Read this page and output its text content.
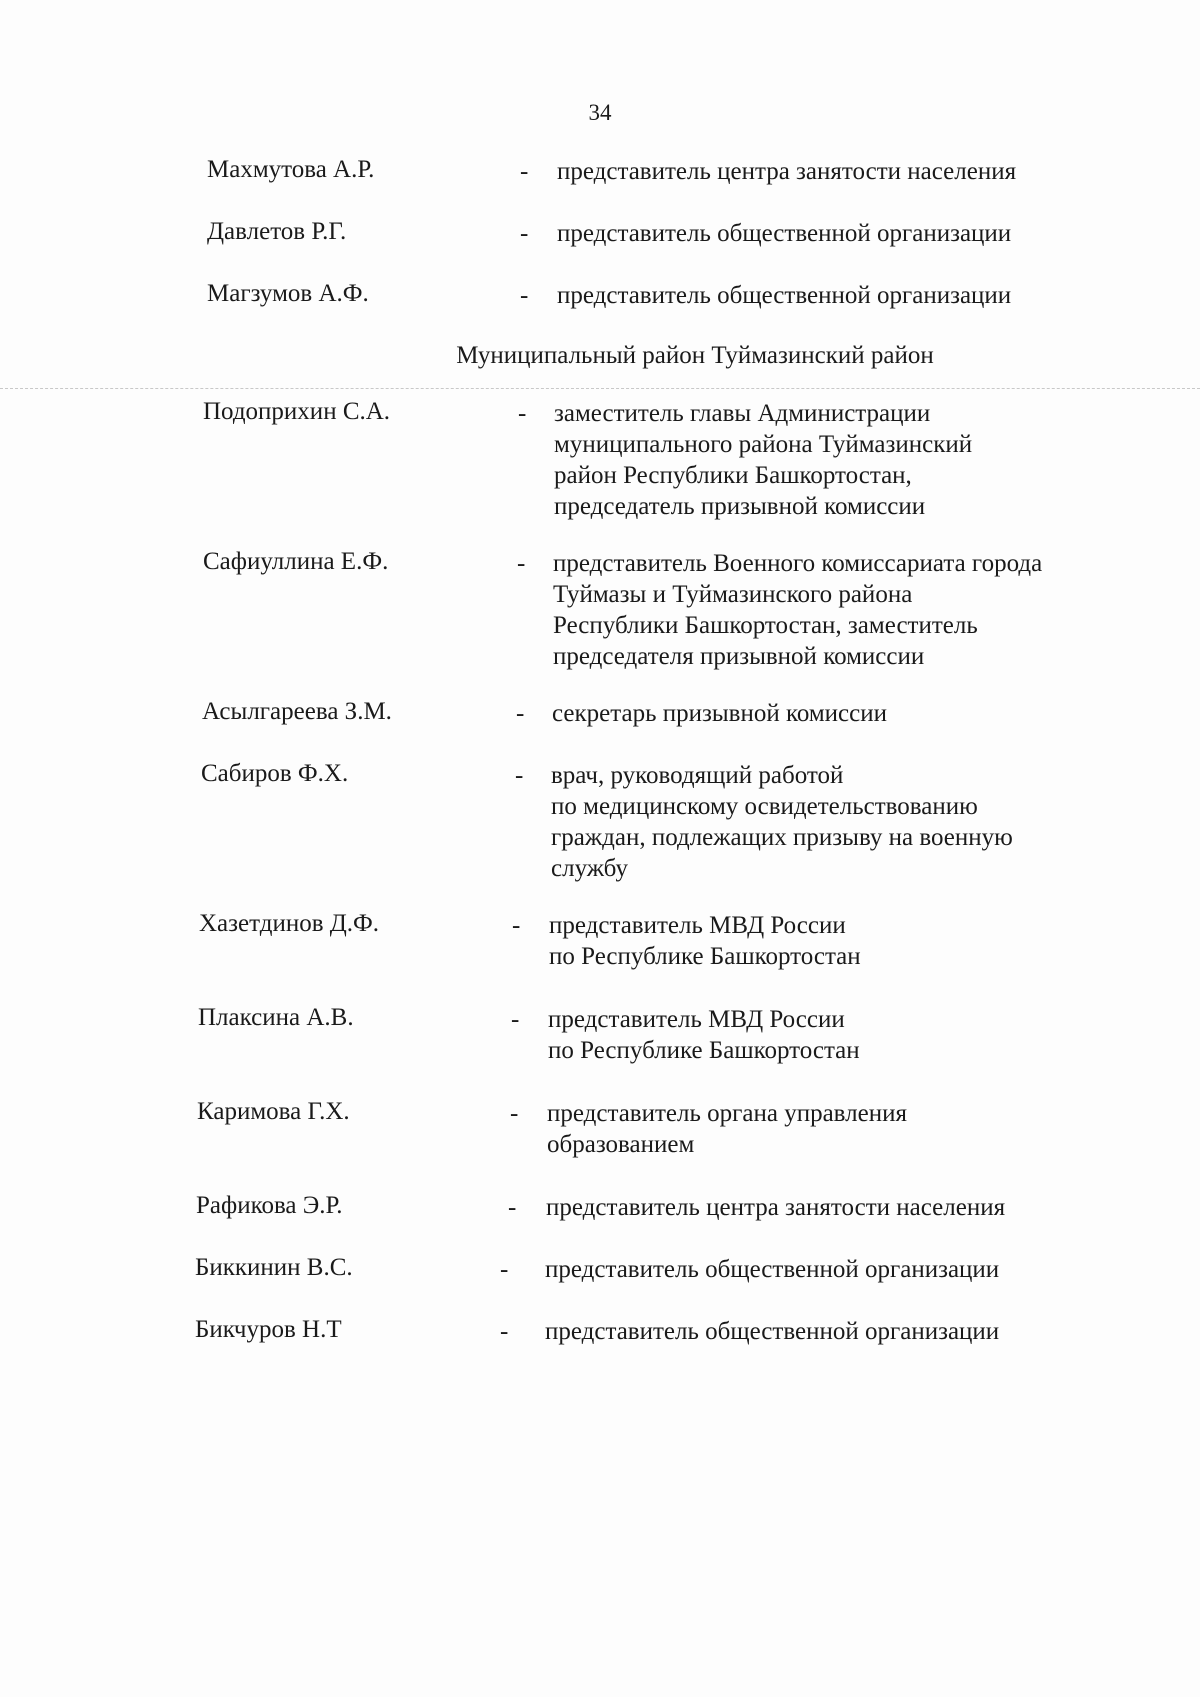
34
Махмутова А.Р.	- представитель центра занятости населения
Давлетов Р.Г.	- представитель общественной организации
Магзумов А.Ф.	- представитель общественной организации
Муниципальный район Туймазинский район
Подоприхин С.А.	- заместитель главы Администрации
муниципального района Туймазинский
район Республики Башкортостан,
председатель призывной комиссии
Сафиуллина Е.Ф.	- представитель Военного комиссариата города
Туймазы и Туймазинского района
Республики Башкортостан, заместитель
председателя призывной комиссии
Асылгареева З.М.	- секретарь призывной комиссии
Сабиров Ф.Х.	- врач, руководящий работой
по медицинскому освидетельствованию
граждан, подлежащих призыву на военную
службу
Хазетдинов Д.Ф.	- представитель МВД России
по Республике Башкортостан
Плаксина А.В.	- представитель МВД России
по Республике Башкортостан
Каримова Г.Х.	- представитель органа управления
образованием
Рафикова Э.Р.	- представитель центра занятости населения
Биккинин В.С.	- представитель общественной организации
Бикчуров Н.Т	- представитель общественной организации
